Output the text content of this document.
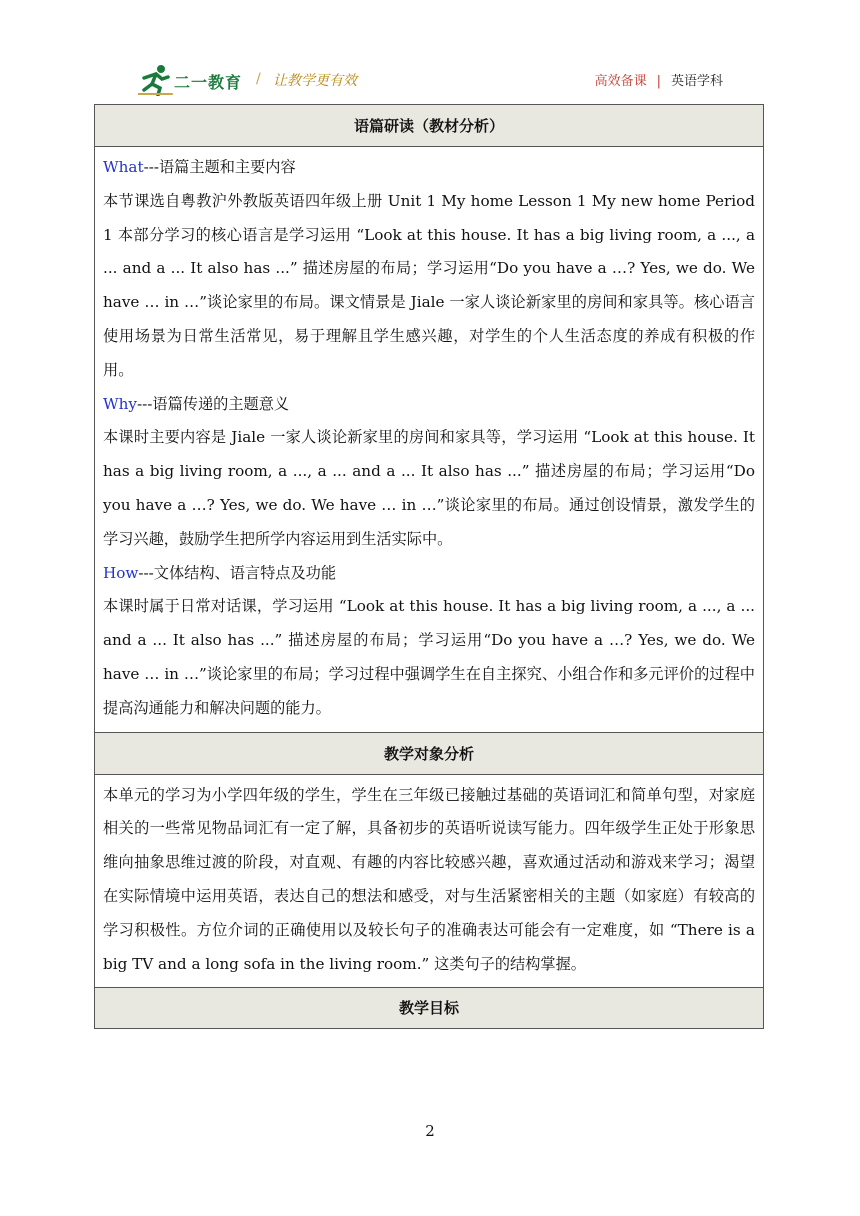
二一教育 / 让教学更有效	高效备课 | 英语学科
语篇研读（教材分析）

What---语篇主题和主要内容

本节课选自粤教沪外教版英语四年级上册 Unit 1 My home Lesson 1 My new home Period 1 本部分学习的核心语言是学习运用 “Look at this house. It has a big living room, a ..., a ... and a ... It also has ...” 描述房屋的布局；学习运用“Do you have a …? Yes, we do. We have … in …”谈论家里的布局。课文情景是 Jiale 一家人谈论新家里的房间和家具等。核心语言使用场景为日常生活常见，易于理解且学生感兴趣，对学生的个人生活态度的养成有积极的作用。

Why---语篇传递的主题意义

本课时主要内容是 Jiale 一家人谈论新家里的房间和家具等，学习运用 “Look at this house. It has a big living room, a ..., a ... and a ... It also has ...” 描述房屋的布局；学习运用“Do you have a …? Yes, we do. We have … in …”谈论家里的布局。通过创设情景，激发学生的学习兴趣，鼓励学生把所学内容运用到生活实际中。

How---文体结构、语言特点及功能

本课时属于日常对话课，学习运用 “Look at this house. It has a big living room, a ..., a ... and a ... It also has ...” 描述房屋的布局；学习运用“Do you have a …? Yes, we do. We have … in …”谈论家里的布局；学习过程中强调学生在自主探究、小组合作和多元评价的过程中提高沟通能力和解决问题的能力。

教学对象分析

本单元的学习为小学四年级的学生，学生在三年级已接触过基础的英语词汇和简单句型，对家庭相关的一些常见物品词汇有一定了解，具备初步的英语听说读写能力。四年级学生正处于形象思维向抽象思维过渡的阶段，对直观、有趣的内容比较感兴趣，喜欢通过活动和游戏来学习；渴望在实际情境中运用英语，表达自己的想法和感受，对与生活紧密相关的主题（如家庭）有较高的学习积极性。方位介词的正确使用以及较长句子的准确表达可能会有一定难度，如 “There is a big TV and a long sofa in the living room.” 这类句子的结构掌握。

教学目标
2
